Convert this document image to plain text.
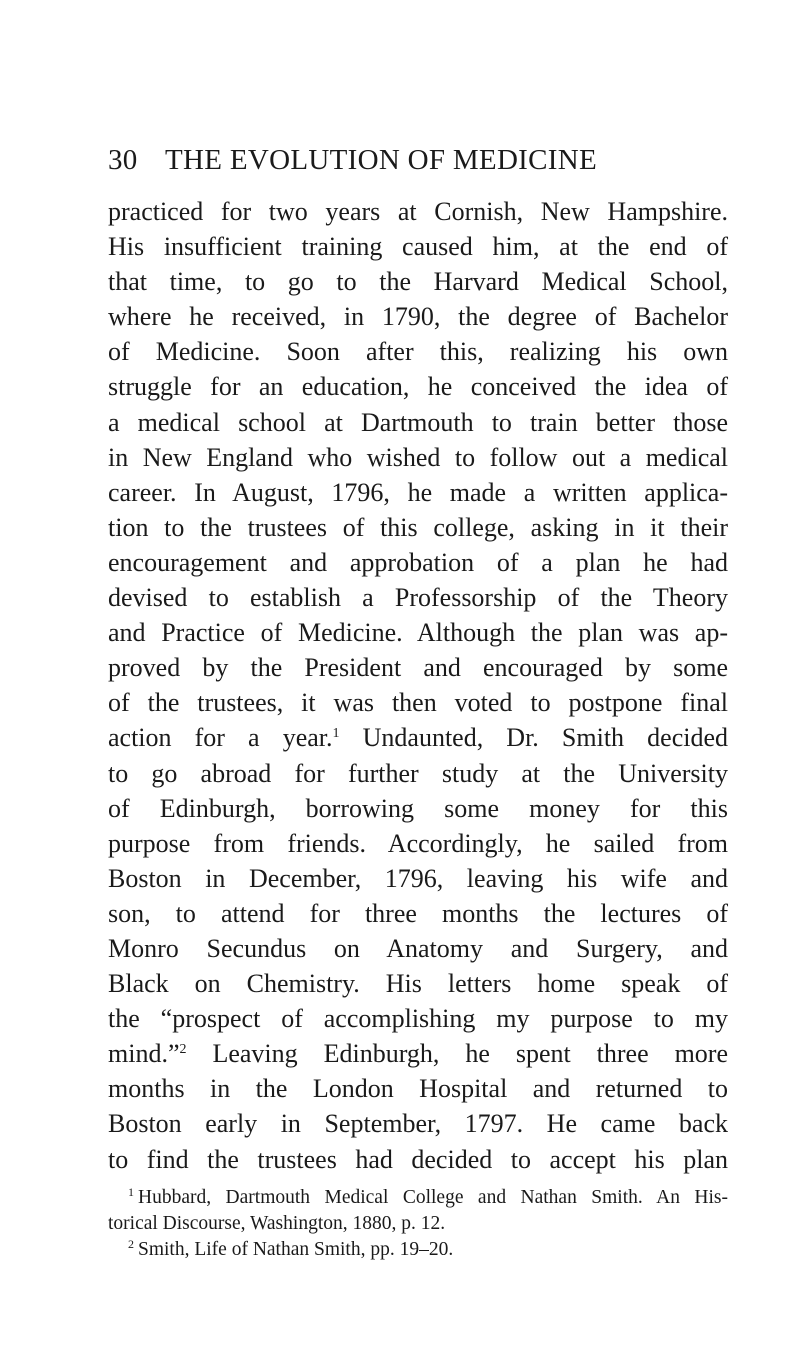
30 THE EVOLUTION OF MEDICINE
practiced for two years at Cornish, New Hampshire.
His insufficient training caused him, at the end of
that time, to go to the Harvard Medical School,
where he received, in 1790, the degree of Bachelor
of Medicine. Soon after this, realizing his own
struggle for an education, he conceived the idea of
a medical school at Dartmouth to train better those
in New England who wished to follow out a medical
career. In August, 1796, he made a written applica-
tion to the trustees of this college, asking in it their
encouragement and approbation of a plan he had
devised to establish a Professorship of the Theory
and Practice of Medicine. Although the plan was ap-
proved by the President and encouraged by some
of the trustees, it was then voted to postpone final
action for a year.$^1$ Undaunted, Dr. Smith decided
to go abroad for further study at the University
of Edinburgh, borrowing some money for this
purpose from friends. Accordingly, he sailed from
Boston in December, 1796, leaving his wife and
son, to attend for three months the lectures of
Monro Secundus on Anatomy and Surgery, and
Black on Chemistry. His letters home speak of
the “prospect of accomplishing my purpose to my
mind.”$^2$ Leaving Edinburgh, he spent three more
months in the London Hospital and returned to
Boston early in September, 1797. He came back
to find the trustees had decided to accept his plan
$^1$ Hubbard, Dartmouth Medical College and Nathan Smith. An His-
torical Discourse, Washington, 1880, p. 12.
$^2$ Smith, Life of Nathan Smith, pp. 19–20.
